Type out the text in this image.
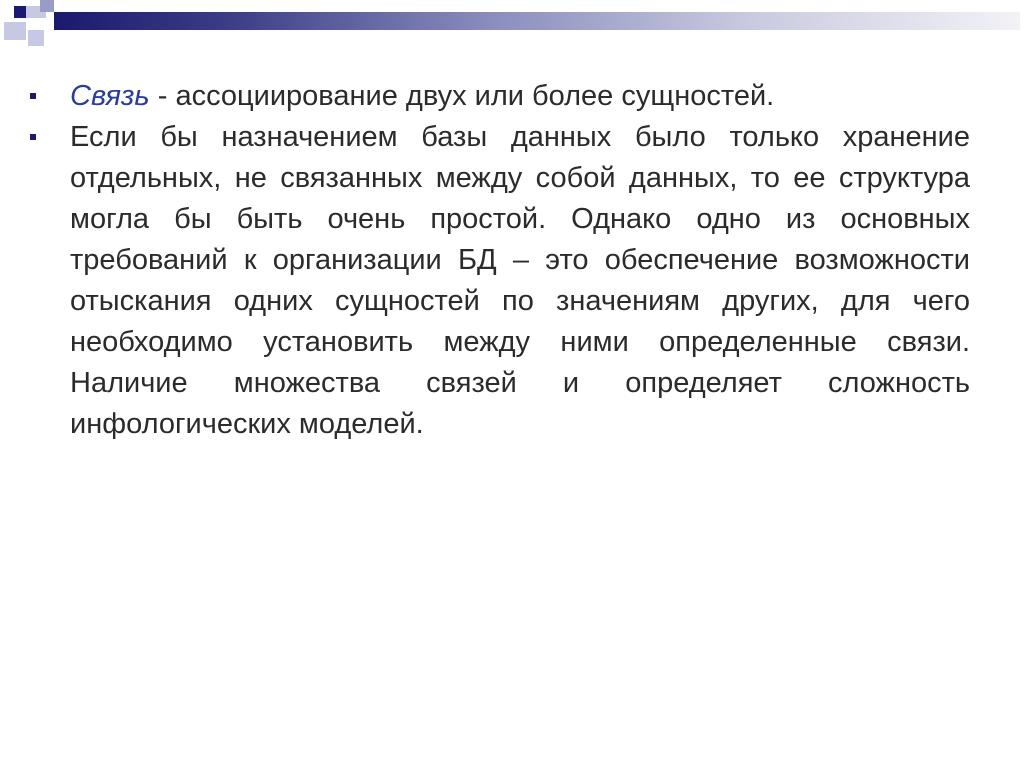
Связь - ассоциирование двух или более сущностей.

Если бы назначением базы данных было только хранение отдельных, не связанных между собой данных, то ее структура могла бы быть очень простой. Однако одно из основных требований к организации БД – это обеспечение возможности отыскания одних сущностей по значениям других, для чего необходимо установить между ними определенные связи. Наличие множества связей и определяет сложность инфологических моделей.
